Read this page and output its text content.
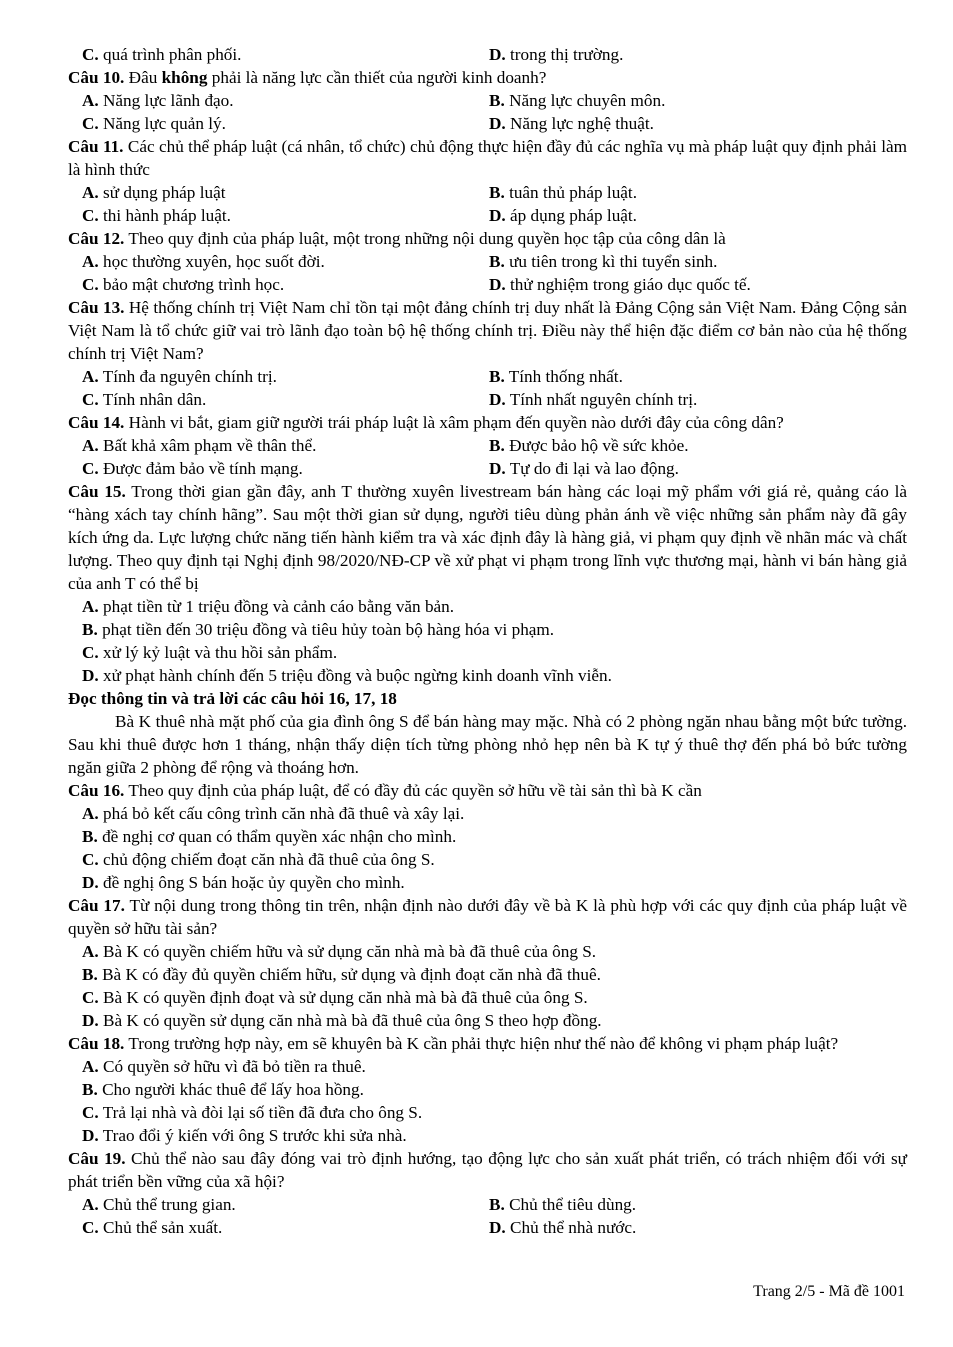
C. quá trình phân phối.	D. trong thị trường.

Câu 10. Đâu không phải là năng lực cần thiết của người kinh doanh?

A. Năng lực lãnh đạo.	B. Năng lực chuyên môn.
C. Năng lực quản lý.	D. Năng lực nghệ thuật.

Câu 11. Các chủ thể pháp luật (cá nhân, tổ chức) chủ động thực hiện đầy đủ các nghĩa vụ mà pháp luật quy định phải làm là hình thức

A. sử dụng pháp luật	B. tuân thủ pháp luật.
C. thi hành pháp luật.	D. áp dụng pháp luật.

Câu 12. Theo quy định của pháp luật, một trong những nội dung quyền học tập của công dân là

A. học thường xuyên, học suốt đời.	B. ưu tiên trong kì thi tuyển sinh.
C. bảo mật chương trình học.	D. thử nghiệm trong giáo dục quốc tế.

Câu 13. Hệ thống chính trị Việt Nam chỉ tồn tại một đảng chính trị duy nhất là Đảng Cộng sản Việt Nam. Đảng Cộng sản Việt Nam là tổ chức giữ vai trò lãnh đạo toàn bộ hệ thống chính trị. Điều này thể hiện đặc điểm cơ bản nào của hệ thống chính trị Việt Nam?

A. Tính đa nguyên chính trị.	B. Tính thống nhất.
C. Tính nhân dân.	D. Tính nhất nguyên chính trị.

Câu 14. Hành vi bắt, giam giữ người trái pháp luật là xâm phạm đến quyền nào dưới đây của công dân?

A. Bất khả xâm phạm về thân thể.	B. Được bảo hộ về sức khỏe.
C. Được đảm bảo về tính mạng.	D. Tự do đi lại và lao động.

Câu 15. Trong thời gian gần đây, anh T thường xuyên livestream bán hàng các loại mỹ phẩm với giá rẻ, quảng cáo là “hàng xách tay chính hãng”. Sau một thời gian sử dụng, người tiêu dùng phản ánh về việc những sản phẩm này đã gây kích ứng da. Lực lượng chức năng tiến hành kiểm tra và xác định đây là hàng giả, vi phạm quy định về nhãn mác và chất lượng. Theo quy định tại Nghị định 98/2020/NĐ-CP về xử phạt vi phạm trong lĩnh vực thương mại, hành vi bán hàng giả của anh T có thể bị

A. phạt tiền từ 1 triệu đồng và cảnh cáo bằng văn bản.
B. phạt tiền đến 30 triệu đồng và tiêu hủy toàn bộ hàng hóa vi phạm.
C. xử lý kỷ luật và thu hồi sản phẩm.
D. xử phạt hành chính đến 5 triệu đồng và buộc ngừng kinh doanh vĩnh viễn.

Đọc thông tin và trả lời các câu hỏi 16, 17, 18

Bà K thuê nhà mặt phố của gia đình ông S để bán hàng may mặc. Nhà có 2 phòng ngăn nhau bằng một bức tường. Sau khi thuê được hơn 1 tháng, nhận thấy diện tích từng phòng nhỏ hẹp nên bà K tự ý thuê thợ đến phá bỏ bức tường ngăn giữa 2 phòng để rộng và thoáng hơn.

Câu 16. Theo quy định của pháp luật, để có đầy đủ các quyền sở hữu về tài sản thì bà K cần

A. phá bỏ kết cấu công trình căn nhà đã thuê và xây lại.
B. đề nghị cơ quan có thẩm quyền xác nhận cho mình.
C. chủ động chiếm đoạt căn nhà đã thuê của ông S.
D. đề nghị ông S bán hoặc ủy quyền cho mình.

Câu 17. Từ nội dung trong thông tin trên, nhận định nào dưới đây về bà K là phù hợp với các quy định của pháp luật về quyền sở hữu tài sản?

A. Bà K có quyền chiếm hữu và sử dụng căn nhà mà bà đã thuê của ông S.
B. Bà K có đầy đủ quyền chiếm hữu, sử dụng và định đoạt căn nhà đã thuê.
C. Bà K có quyền định đoạt và sử dụng căn nhà mà bà đã thuê của ông S.
D. Bà K có quyền sử dụng căn nhà mà bà đã thuê của ông S theo hợp đồng.

Câu 18. Trong trường hợp này, em sẽ khuyên bà K cần phải thực hiện như thế nào để không vi phạm pháp luật?

A. Có quyền sở hữu vì đã bỏ tiền ra thuê.
B. Cho người khác thuê để lấy hoa hồng.
C. Trả lại nhà và đòi lại số tiền đã đưa cho ông S.
D. Trao đổi ý kiến với ông S trước khi sửa nhà.

Câu 19. Chủ thể nào sau đây đóng vai trò định hướng, tạo động lực cho sản xuất phát triển, có trách nhiệm đối với sự phát triển bền vững của xã hội?

A. Chủ thể trung gian.	B. Chủ thể tiêu dùng.
C. Chủ thể sản xuất.	D. Chủ thể nhà nước.
Trang 2/5 - Mã đề 1001
